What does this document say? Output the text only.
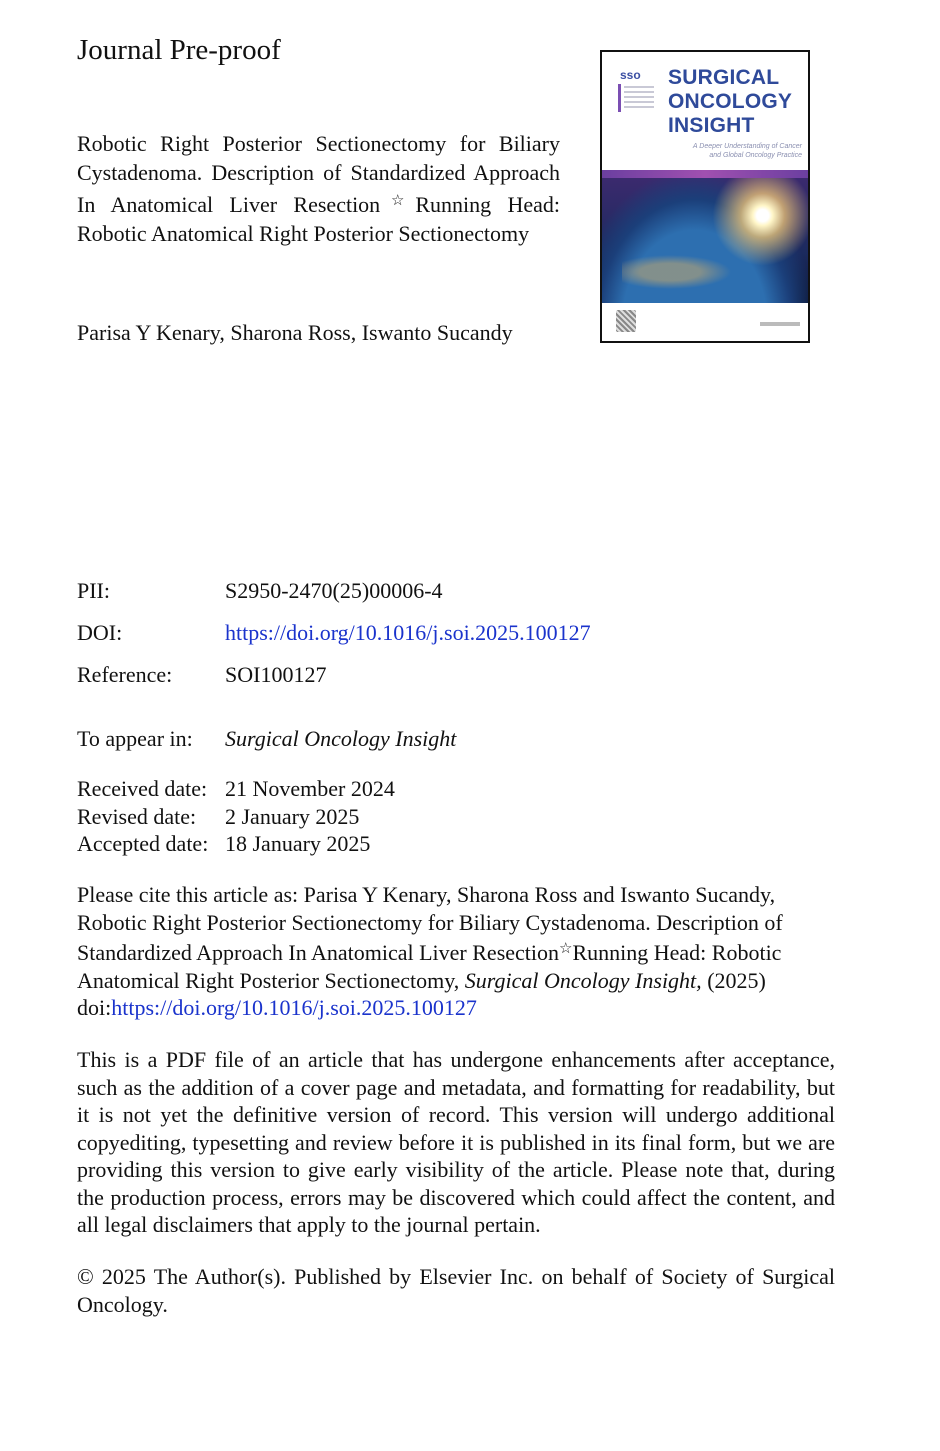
Journal Pre-proof
Robotic Right Posterior Sectionectomy for Biliary Cystadenoma. Description of Standardized Approach In Anatomical Liver Resection☆Running Head: Robotic Anatomical Right Posterior Sectionectomy
Parisa Y Kenary, Sharona Ross, Iswanto Sucandy
sso SURGICAL ONCOLOGY INSIGHT
A Deeper Understanding of Cancer and Global Oncology Practice
PII:	S2950-2470(25)00006-4
DOI:	https://doi.org/10.1016/j.soi.2025.100127
Reference: SOI100127
To appear in: Surgical Oncology Insight
Received date: 21 November 2024
Revised date: 2 January 2025
Accepted date: 18 January 2025
Please cite this article as: Parisa Y Kenary, Sharona Ross and Iswanto Sucandy,
Robotic Right Posterior Sectionectomy for Biliary Cystadenoma. Description of
Standardized Approach In Anatomical Liver Resection☆Running Head: Robotic
Anatomical Right Posterior Sectionectomy, Surgical Oncology Insight, (2025)
doi:https://doi.org/10.1016/j.soi.2025.100127
This is a PDF file of an article that has undergone enhancements after acceptance, such as the addition of a cover page and metadata, and formatting for readability, but it is not yet the definitive version of record. This version will undergo additional copyediting, typesetting and review before it is published in its final form, but we are providing this version to give early visibility of the article. Please note that, during the production process, errors may be discovered which could affect the content, and all legal disclaimers that apply to the journal pertain.
© 2025 The Author(s). Published by Elsevier Inc. on behalf of Society of Surgical Oncology.
